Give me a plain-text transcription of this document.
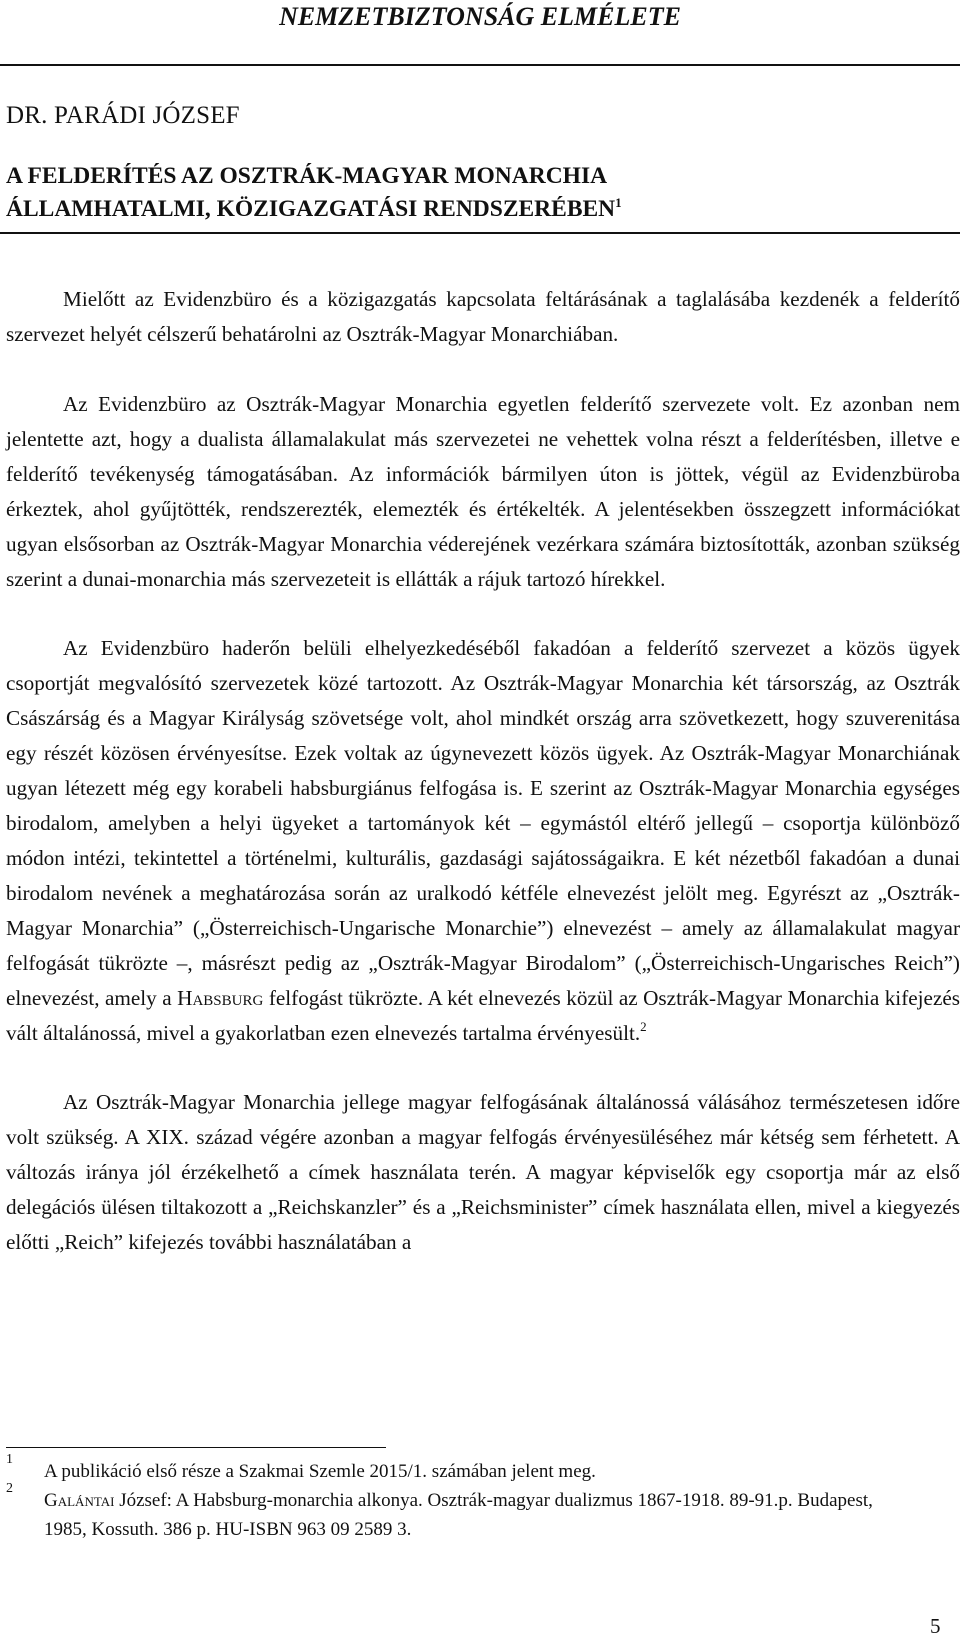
NEMZETBIZTONSÁG ELMÉLETE

DR. PARÁDI JÓZSEF

A FELDERÍTÉS AZ OSZTRÁK-MAGYAR MONARCHIA
ÁLLAMHATALMI, KÖZIGAZGATÁSI RENDSZERÉBEN$^1$

Mielőtt az Evidenzbüro és a közigazgatás kapcsolata feltárásának a taglalásába kezdenék a felderítő szervezet helyét célszerű behatárolni az Osztrák-Magyar Monarchiában.

Az Evidenzbüro az Osztrák-Magyar Monarchia egyetlen felderítő szervezete volt. Ez azonban nem jelentette azt, hogy a dualista államalakulat más szervezetei ne vehettek volna részt a felderítésben, illetve e felderítő tevékenység támogatásában. Az információk bármilyen úton is jöttek, végül az Evidenzbüroba érkeztek, ahol gyűjtötték, rendszerezték, elemezték és értékelték. A jelentésekben összegzett információkat ugyan elsősorban az Osztrák-Magyar Monarchia véderejének vezérkara számára biztosították, azonban szükség szerint a dunai-monarchia más szervezeteit is ellátták a rájuk tartozó hírekkel.

Az Evidenzbüro haderőn belüli elhelyezkedéséből fakadóan a felderítő szervezet a közös ügyek csoportját megvalósító szervezetek közé tartozott. Az Osztrák-Magyar Monarchia két társország, az Osztrák Császárság és a Magyar Királyság szövetsége volt, ahol mindkét ország arra szövetkezett, hogy szuverenitása egy részét közösen érvényesítse. Ezek voltak az úgynevezett közös ügyek. Az Osztrák-Magyar Monarchiának ugyan létezett még egy korabeli habsburgiánus felfogása is. E szerint az Osztrák-Magyar Monarchia egységes birodalom, amelyben a helyi ügyeket a tartományok két – egymástól eltérő jellegű – csoportja különböző módon intézi, tekintettel a történelmi, kulturális, gazdasági sajátosságaikra. E két nézetből fakadóan a dunai birodalom nevének a meghatározása során az uralkodó kétféle elnevezést jelölt meg. Egyrészt az „Osztrák-Magyar Monarchia” („Österreichisch-Ungarische Monarchie”) elnevezést – amely az államalakulat magyar felfogását tükrözte –, másrészt pedig az „Osztrák-Magyar Birodalom” („Österreichisch-Ungarisches Reich”) elnevezést, amely a Habsburg felfogást tükrözte. A két elnevezés közül az Osztrák-Magyar Monarchia kifejezés vált általánossá, mivel a gyakorlatban ezen elnevezés tartalma érvényesült.$^2$

Az Osztrák-Magyar Monarchia jellege magyar felfogásának általánossá válásához természetesen időre volt szükség. A XIX. század végére azonban a magyar felfogás érvényesüléséhez már kétség sem férhetett. A változás iránya jól érzékelhető a címek használata terén. A magyar képviselők egy csoportja már az első delegációs ülésen tiltakozott a „Reichskanzler” és a „Reichsminister” címek használata ellen, mivel a kiegyezés előtti „Reich” kifejezés további használatában a

1
A publikáció első része a Szakmai Szemle 2015/1. számában jelent meg.
2
Galántai József: A Habsburg-monarchia alkonya. Osztrák-magyar dualizmus 1867-1918. 89-91.p. Budapest, 1985, Kossuth. 386 p. HU-ISBN 963 09 2589 3.
5
